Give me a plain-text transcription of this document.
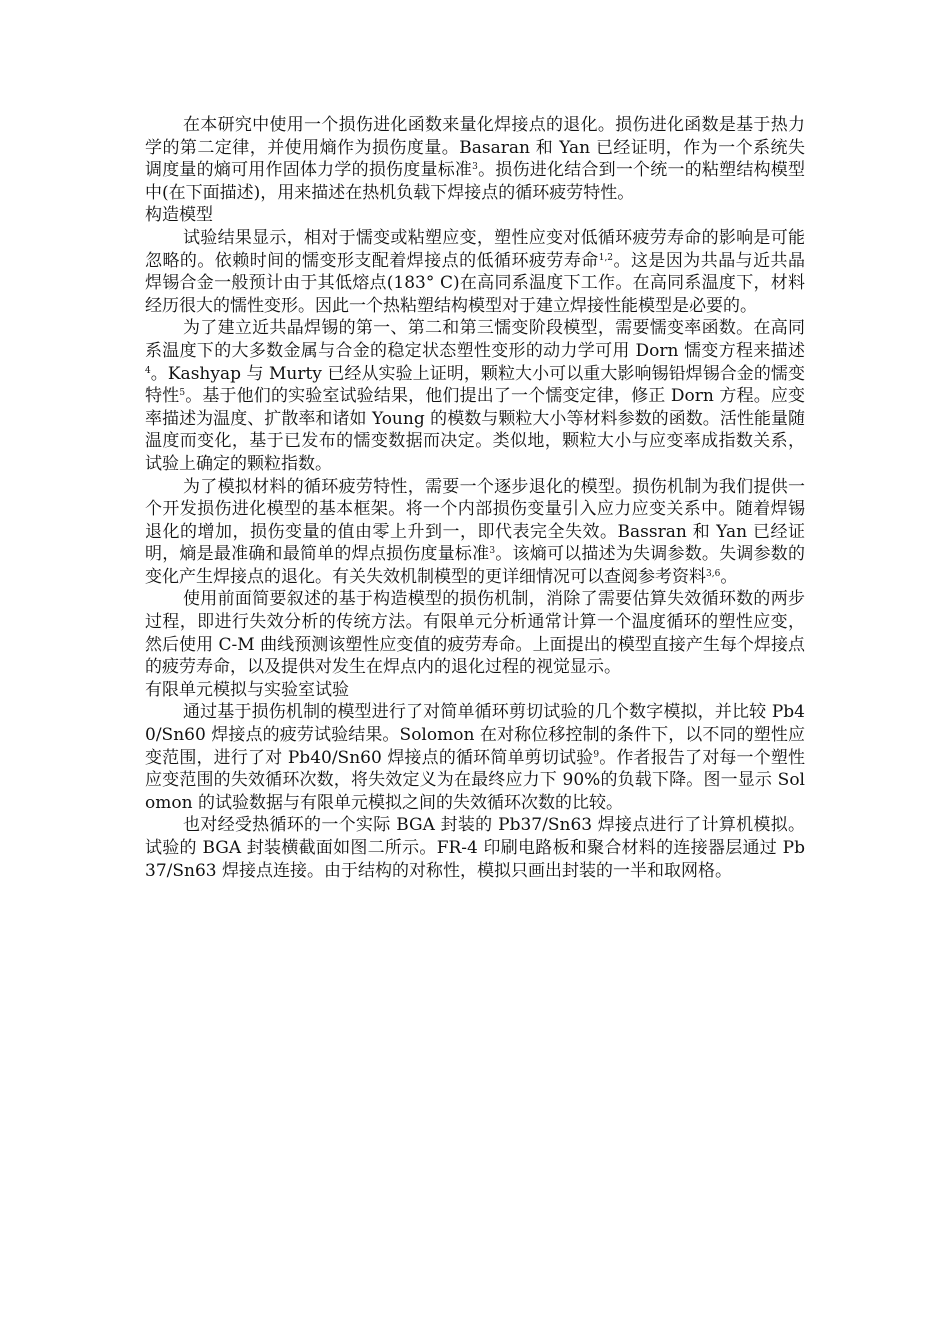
在本研究中使用一个损伤进化函数来量化焊接点的退化。损伤进化函数是基于热力学的第二定律，并使用熵作为损伤度量。Basaran 和 Yan 已经证明，作为一个系统失调度量的熵可用作固体力学的损伤度量标准$^3$。损伤进化结合到一个统一的粘塑结构模型中(在下面描述)，用来描述在热机负载下焊接点的循环疲劳特性。

构造模型

试验结果显示，相对于懦变或粘塑应变，塑性应变对低循环疲劳寿命的影响是可能忽略的。依赖时间的懦变形支配着焊接点的低循环疲劳寿命$^{1,2}$。这是因为共晶与近共晶焊锡合金一般预计由于其低熔点(183° C)在高同系温度下工作。在高同系温度下，材料经历很大的懦性变形。因此一个热粘塑结构模型对于建立焊接性能模型是必要的。

为了建立近共晶焊锡的第一、第二和第三懦变阶段模型，需要懦变率函数。在高同系温度下的大多数金属与合金的稳定状态塑性变形的动力学可用 Dorn 懦变方程来描述$^4$。Kashyap 与 Murty 已经从实验上证明，颗粒大小可以重大影响锡铅焊锡合金的懦变特性$^5$。基于他们的实验室试验结果，他们提出了一个懦变定律，修正 Dorn 方程。应变率描述为温度、扩散率和诸如 Young 的模数与颗粒大小等材料参数的函数。活性能量随温度而变化，基于已发布的懦变数据而决定。类似地，颗粒大小与应变率成指数关系，试验上确定的颗粒指数。

为了模拟材料的循环疲劳特性，需要一个逐步退化的模型。损伤机制为我们提供一个开发损伤进化模型的基本框架。将一个内部损伤变量引入应力应变关系中。随着焊锡退化的增加，损伤变量的值由零上升到一，即代表完全失效。Bassran 和 Yan 已经证明，熵是最准确和最简单的焊点损伤度量标准$^3$。该熵可以描述为失调参数。失调参数的变化产生焊接点的退化。有关失效机制模型的更详细情况可以查阅参考资料$^{3,6}$。

使用前面简要叙述的基于构造模型的损伤机制，消除了需要估算失效循环数的两步过程，即进行失效分析的传统方法。有限单元分析通常计算一个温度循环的塑性应变，然后使用 C-M 曲线预测该塑性应变值的疲劳寿命。上面提出的模型直接产生每个焊接点的疲劳寿命，以及提供对发生在焊点内的退化过程的视觉显示。

有限单元模拟与实验室试验

通过基于损伤机制的模型进行了对简单循环剪切试验的几个数字模拟，并比较 Pb40/Sn60 焊接点的疲劳试验结果。Solomon 在对称位移控制的条件下，以不同的塑性应变范围，进行了对 Pb40/Sn60 焊接点的循环简单剪切试验$^9$。作者报告了对每一个塑性应变范围的失效循环次数，将失效定义为在最终应力下 90%的负载下降。图一显示 Solomon 的试验数据与有限单元模拟之间的失效循环次数的比较。

也对经受热循环的一个实际 BGA 封装的 Pb37/Sn63 焊接点进行了计算机模拟。试验的 BGA 封装横截面如图二所示。FR-4 印刷电路板和聚合材料的连接器层通过 Pb37/Sn63 焊接点连接。由于结构的对称性，模拟只画出封装的一半和取网格。
